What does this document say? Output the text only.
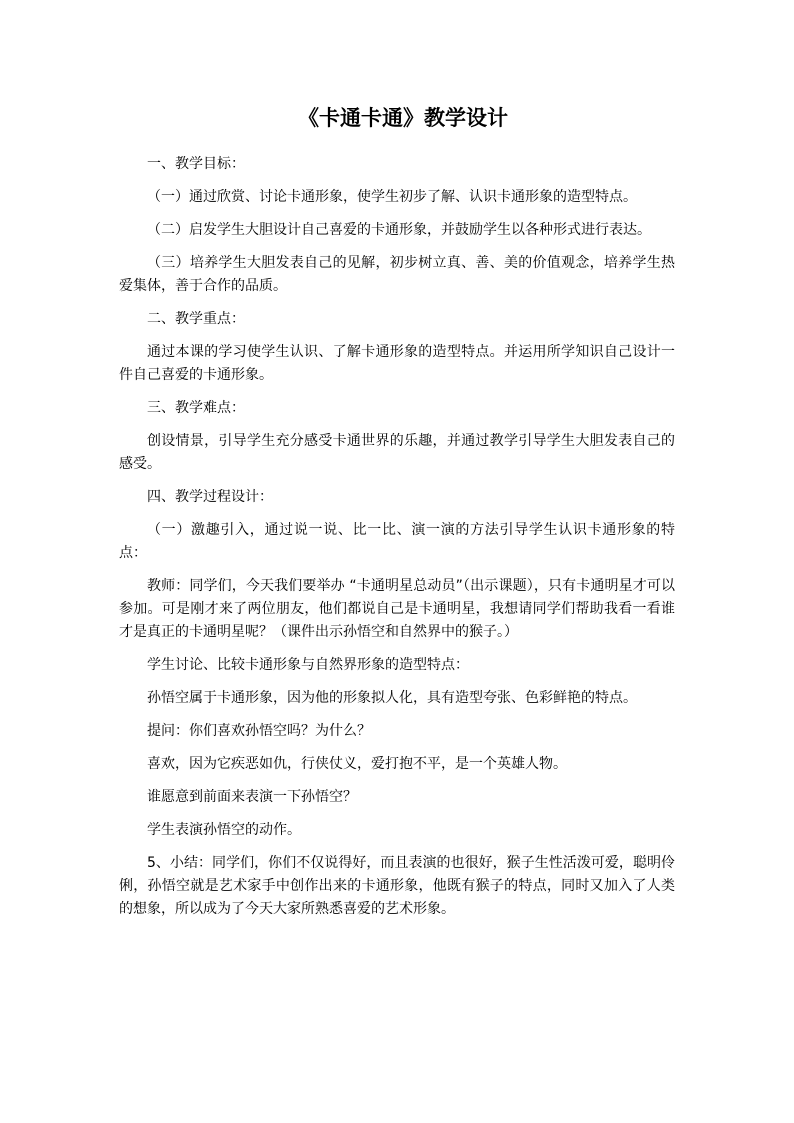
《卡通卡通》教学设计

一、教学目标：

（一）通过欣赏、讨论卡通形象，使学生初步了解、认识卡通形象的造型特点。

（二）启发学生大胆设计自己喜爱的卡通形象，并鼓励学生以各种形式进行表达。

（三）培养学生大胆发表自己的见解，初步树立真、善、美的价值观念，培养学生热爱集体，善于合作的品质。

二、教学重点：

通过本课的学习使学生认识、了解卡通形象的造型特点。并运用所学知识自己设计一件自己喜爱的卡通形象。

三、教学难点：

创设情景，引导学生充分感受卡通世界的乐趣，并通过教学引导学生大胆发表自己的感受。

四、教学过程设计：

（一）激趣引入，通过说一说、比一比、演一演的方法引导学生认识卡通形象的特点：

教师：同学们，今天我们要举办 “卡通明星总动员”（出示课题），只有卡通明星才可以参加。可是刚才来了两位朋友，他们都说自己是卡通明星，我想请同学们帮助我看一看谁才是真正的卡通明星呢？（课件出示孙悟空和自然界中的猴子。）

学生讨论、比较卡通形象与自然界形象的造型特点：

孙悟空属于卡通形象，因为他的形象拟人化，具有造型夸张、色彩鲜艳的特点。

提问：你们喜欢孙悟空吗？为什么？

喜欢，因为它疾恶如仇，行侠仗义，爱打抱不平，是一个英雄人物。

谁愿意到前面来表演一下孙悟空？

学生表演孙悟空的动作。

5、小结：同学们，你们不仅说得好，而且表演的也很好，猴子生性活泼可爱，聪明伶俐，孙悟空就是艺术家手中创作出来的卡通形象，他既有猴子的特点，同时又加入了人类的想象，所以成为了今天大家所熟悉喜爱的艺术形象。
